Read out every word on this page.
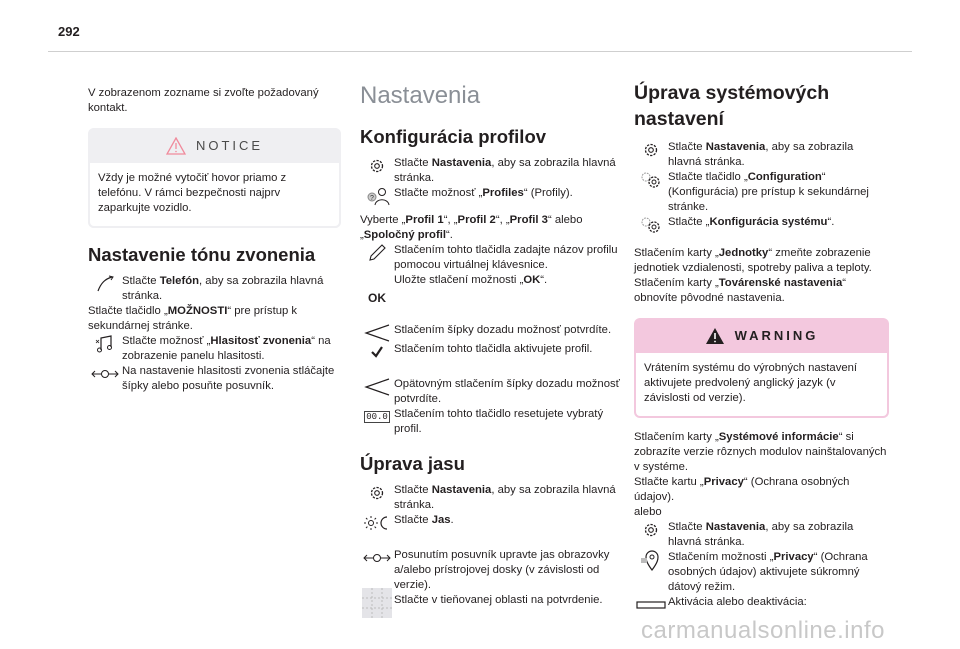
292

V zobrazenom zozname si zvoľte požadovaný kontakt.

NOTICE

Vždy je možné vytočiť hovor priamo z telefónu. V rámci bezpečnosti najprv zaparkujte vozidlo.

Nastavenie tónu zvonenia

Stlačte Telefón, aby sa zobrazila hlavná stránka.

Stlačte tlačidlo „MOŽNOSTI“ pre prístup k sekundárnej stránke.

Stlačte možnosť „Hlasitosť zvonenia“ na zobrazenie panelu hlasitosti.

Na nastavenie hlasitosti zvonenia stláčajte šípky alebo posuňte posuvník.

Nastavenia

Konfigurácia profilov

Stlačte Nastavenia, aby sa zobrazila hlavná stránka.

? Stlačte možnosť „Profiles“ (Profily).

Vyberte „Profil 1“, „Profil 2“, „Profil 3“ alebo „Spoločný profil“.

Stlačením tohto tlačidla zadajte názov profilu pomocou virtuálnej klávesnice.

OK

Uložte stlačení možnosti „OK“.

Stlačením šípky dozadu možnosť potvrdíte.

Stlačením tohto tlačidla aktivujete profil.

Opätovným stlačením šípky dozadu možnosť potvrdíte.

00.0 Stlačením tohto tlačidlo resetujete vybratý profil.

Úprava jasu

Stlačte Nastavenia, aby sa zobrazila hlavná stránka.

Stlačte Jas.

Posunutím posuvník upravte jas obrazovky a/alebo prístrojovej dosky (v závislosti od verzie).

Stlačte v tieňovanej oblasti na potvrdenie.

Úprava systémových
nastavení

Stlačte Nastavenia, aby sa zobrazila hlavná stránka.

Stlačte tlačidlo „Configuration“ (Konfigurácia) pre prístup k sekundárnej stránke.

Stlačte „Konfigurácia systému“.

Stlačením karty „Jednotky“ zmeňte zobrazenie jednotiek vzdialenosti, spotreby paliva a teploty.

Stlačením karty „Továrenské nastavenia“ obnovíte pôvodné nastavenia.

WARNING

Vrátením systému do výrobných nastavení aktivujete predvolený anglický jazyk (v závislosti od verzie).

Stlačením karty „Systémové informácie“ si zobrazíte verzie rôznych modulov nainštalovaných v systéme.

Stlačte kartu „Privacy“ (Ochrana osobných údajov).

alebo

Stlačte Nastavenia, aby sa zobrazila hlavná stránka.

Stlačením možnosti „Privacy“ (Ochrana osobných údajov) aktivujete súkromný dátový režim.

Aktivácia alebo deaktivácia:

carmanualsonline.info
